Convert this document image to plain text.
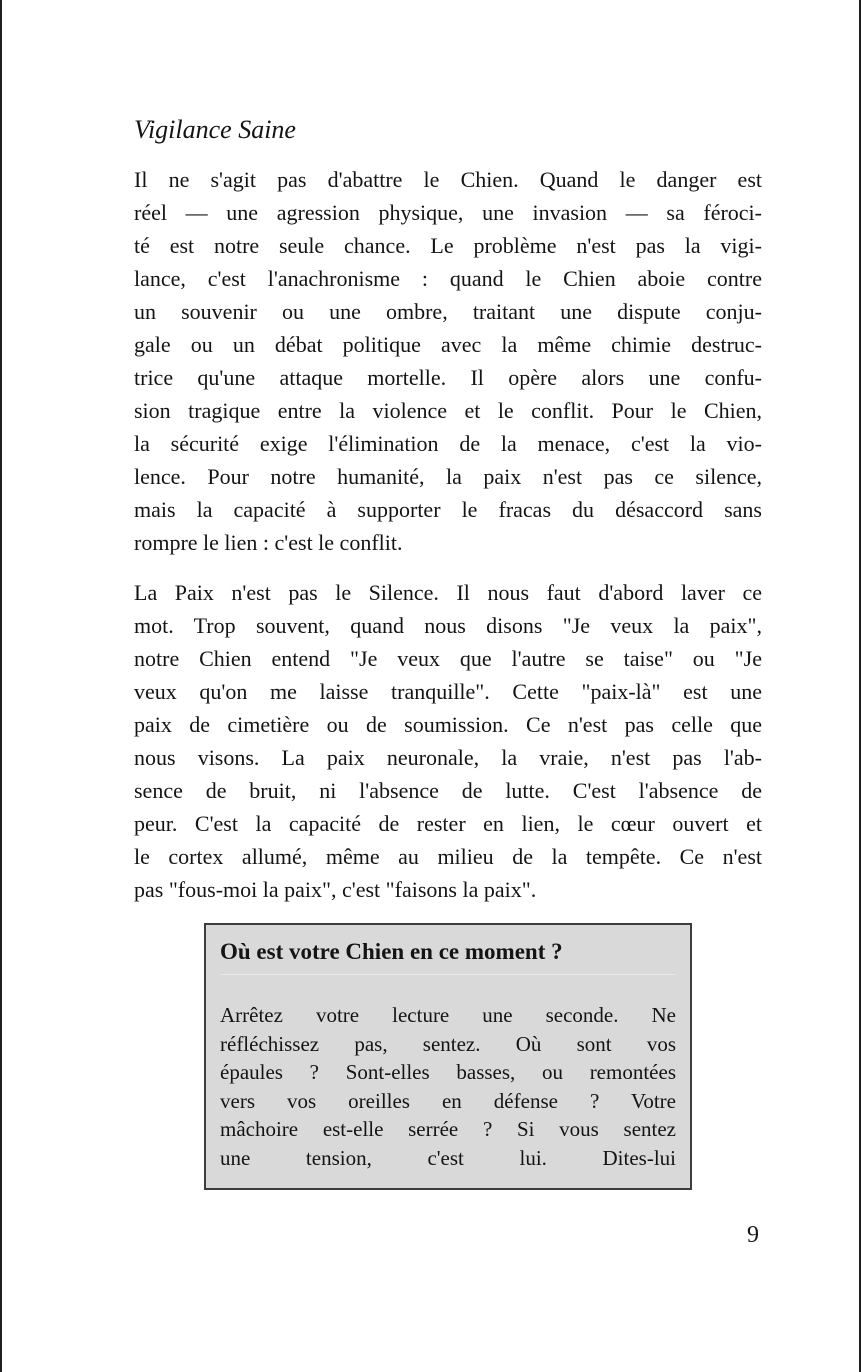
Vigilance Saine
Il ne s'agit pas d'abattre le Chien. Quand le danger est
réel — une agression physique, une invasion — sa féroci-
té est notre seule chance. Le problème n'est pas la vigi-
lance, c'est l'anachronisme : quand le Chien aboie contre
un souvenir ou une ombre, traitant une dispute conju-
gale ou un débat politique avec la même chimie destruc-
trice qu'une attaque mortelle. Il opère alors une confu-
sion tragique entre la violence et le conflit. Pour le Chien,
la sécurité exige l'élimination de la menace, c'est la vio-
lence. Pour notre humanité, la paix n'est pas ce silence,
mais la capacité à supporter le fracas du désaccord sans
rompre le lien : c'est le conflit.
La Paix n'est pas le Silence. Il nous faut d'abord laver ce
mot. Trop souvent, quand nous disons "Je veux la paix",
notre Chien entend "Je veux que l'autre se taise" ou "Je
veux qu'on me laisse tranquille". Cette "paix-là" est une
paix de cimetière ou de soumission. Ce n'est pas celle que
nous visons. La paix neuronale, la vraie, n'est pas l'ab-
sence de bruit, ni l'absence de lutte. C'est l'absence de
peur. C'est la capacité de rester en lien, le cœur ouvert et
le cortex allumé, même au milieu de la tempête. Ce n'est
pas "fous-moi la paix", c'est "faisons la paix".
Où est votre Chien en ce moment ?
Arrêtez votre lecture une seconde. Ne
réfléchissez pas, sentez. Où sont vos
épaules ? Sont-elles basses, ou remontées
vers vos oreilles en défense ? Votre
mâchoire est-elle serrée ? Si vous sentez
une tension, c'est lui. Dites-lui
9
